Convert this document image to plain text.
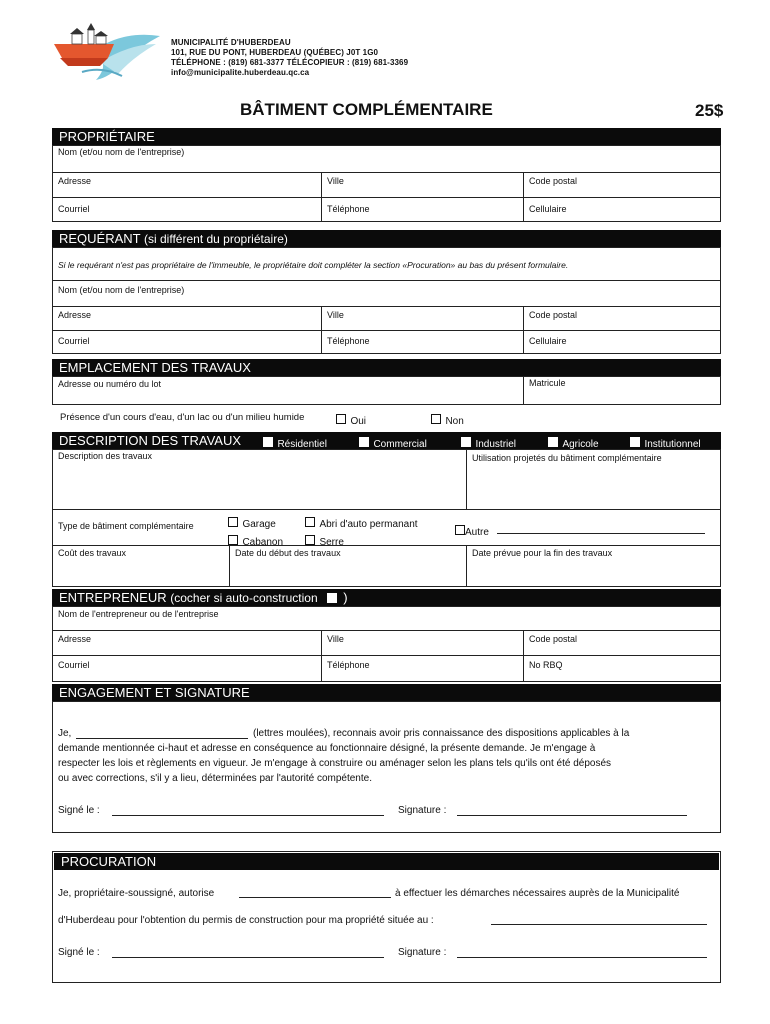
MUNICIPALITÉ D'HUBERDEAU
101, RUE DU PONT, HUBERDEAU (QUÉBEC) J0T 1G0
TÉLÉPHONE : (819) 681-3377 TÉLÉCOPIEUR : (819) 681-3369
info@municipalite.huberdeau.qc.ca
BÂTIMENT COMPLÉMENTAIRE	25$
PROPRIÉTAIRE
Nom (et/ou nom de l'entreprise)
Adresse	Ville	Code postal
Courriel	Téléphone	Cellulaire
REQUÉRANT (si différent du propriétaire)
Si le requérant n'est pas propriétaire de l'immeuble, le propriétaire doit compléter la section «Procuration» au bas du présent formulaire.
Nom (et/ou nom de l'entreprise)
Adresse	Ville	Code postal
Courriel	Téléphone	Cellulaire
EMPLACEMENT DES TRAVAUX
Adresse ou numéro du lot	Matricule
Présence d'un cours d'eau, d'un lac ou d'un milieu humide	Oui	Non
DESCRIPTION DES TRAVAUX	Résidentiel	Commercial	Industriel	Agricole	Institutionnel
Description des travaux	Utilisation projetés du bâtiment complémentaire
Type de bâtiment complémentaire	Garage
Cabanon
Abri d'auto permanant
Serre
Autre
Coût des travaux	Date du début des travaux	Date prévue pour la fin des travaux
ENTREPRENEUR (cocher si auto-construction )
Nom de l'entrepreneur ou de l'entreprise
Adresse	Ville	Code postal
Courriel	Téléphone	No RBQ
ENGAGEMENT ET SIGNATURE
Je,	(lettres moulées), reconnais avoir pris connaissance des dispositions applicables à la
demande mentionnée ci-haut et adresse en conséquence au fonctionnaire désigné, la présente demande. Je m'engage à
respecter les lois et règlements en vigueur. Je m'engage à construire ou aménager selon les plans tels qu'ils ont été déposés
ou avec corrections, s'il y a lieu, déterminées par l'autorité compétente.
Signé le :	Signature :
PROCURATION
Je, propriétaire-soussigné, autorise	à effectuer les démarches nécessaires auprès de la Municipalité
d'Huberdeau pour l'obtention du permis de construction pour ma propriété située au :
Signé le :	Signature :
